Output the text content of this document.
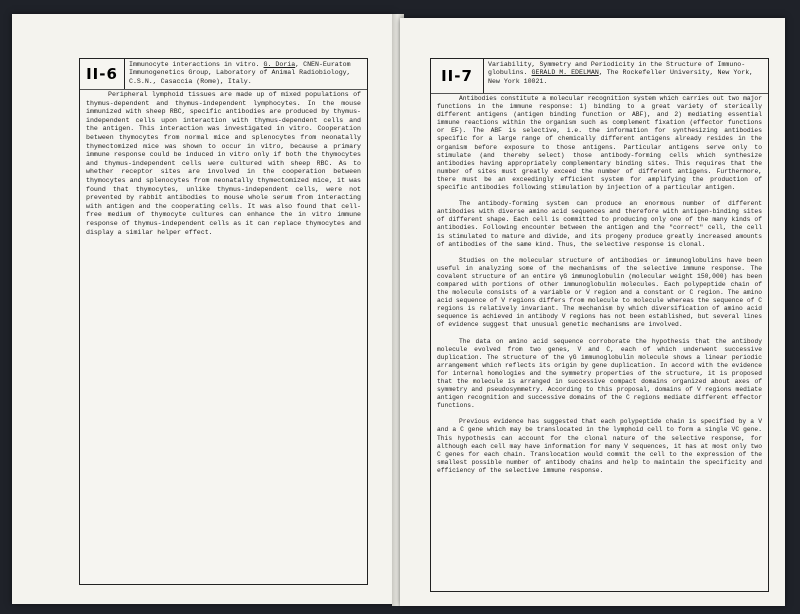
II-6
Immunocyte interactions in vitro. G. Doria, CNEN-Euratom
Immunogenetics Group, Laboratory of Animal Radiobiology,
C.S.N., Casaccia (Rome), Italy.

Peripheral lymphoid tissues are made up of mixed populations of thymus-dependent and thymus-independent lymphocytes. In the mouse immunized with sheep RBC, specific antibodies are produced by thymus-independent cells upon interaction with thymus-dependent cells and the antigen. This interaction was investigated in vitro. Cooperation between thymocytes from normal mice and splenocytes from neonatally thymectomized mice was shown to occur in vitro, because a primary immune response could be induced in vitro only if both the thymocytes and thymus-independent cells were cultured with sheep RBC. As to whether receptor sites are involved in the cooperation between thymocytes and splenocytes from neonatally thymectomized mice, it was found that thymocytes, unlike thymus-independent cells, were not prevented by rabbit antibodies to mouse whole serum from interacting with antigen and the cooperating cells. It was also found that cell-free medium of thymocyte cultures can enhance the in vitro immune response of thymus-independent cells as it can replace thymocytes and display a similar helper effect.

II-7
Variability, Symmetry and Periodicity in the Structure of Immuno-
globulins. GERALD M. EDELMAN, The Rockefeller University, New York,
New York 10021.

Antibodies constitute a molecular recognition system which carries out two major functions in the immune response: 1) binding to a great variety of sterically different antigens (antigen binding function or ABF), and 2) mediating essential immune reactions within the organism such as complement fixation (effector functions or EF). The ABF is selective, i.e. the information for synthesizing antibodies specific for a large range of chemically different antigens already resides in the organism before exposure to those antigens. Particular antigens serve only to stimulate (and thereby select) those antibody-forming cells which synthesize antibodies having appropriately complementary binding sites. This requires that the number of sites must greatly exceed the number of different antigens. Furthermore, there must be an exceedingly efficient system for amplifying the production of specific antibodies following stimulation by injection of a particular antigen.

The antibody-forming system can produce an enormous number of different antibodies with diverse amino acid sequences and therefore with antigen-binding sites of different shape. Each cell is committed to producing only one of the many kinds of antibodies. Following encounter between the antigen and the "correct" cell, the cell is stimulated to mature and divide, and its progeny produce greatly increased amounts of antibodies of the same kind. Thus, the selective response is clonal.

Studies on the molecular structure of antibodies or immunoglobulins have been useful in analyzing some of the mechanisms of the selective immune response. The covalent structure of an entire γG immunoglobulin (molecular weight 150,000) has been compared with portions of other immunoglobulin molecules. Each polypeptide chain of the molecule consists of a variable or V region and a constant or C region. The amino acid sequence of V regions differs from molecule to molecule whereas the sequence of C regions is relatively invariant. The mechanism by which diversification of amino acid sequence is achieved in antibody V regions has not been established, but several lines of evidence suggest that unusual genetic mechanisms are involved.

The data on amino acid sequence corroborate the hypothesis that the antibody molecule evolved from two genes, V and C, each of which underwent successive duplication. The structure of the γG immunoglobulin molecule shows a linear periodic arrangement which reflects its origin by gene duplication. In accord with the evidence for internal homologies and the symmetry properties of the structure, it is proposed that the molecule is arranged in successive compact domains organized about axes of symmetry and pseudosymmetry. According to this proposal, domains of V regions mediate antigen recognition and successive domains of the C regions mediate different effector functions.

Previous evidence has suggested that each polypeptide chain is specified by a V and a C gene which may be translocated in the lymphoid cell to form a single VC gene. This hypothesis can account for the clonal nature of the selective response, for although each cell may have information for many V sequences, it has at most only two C genes for each chain. Translocation would commit the cell to the expression of the smallest possible number of antibody chains and help to maintain the specificity and efficiency of the selective immune response.
